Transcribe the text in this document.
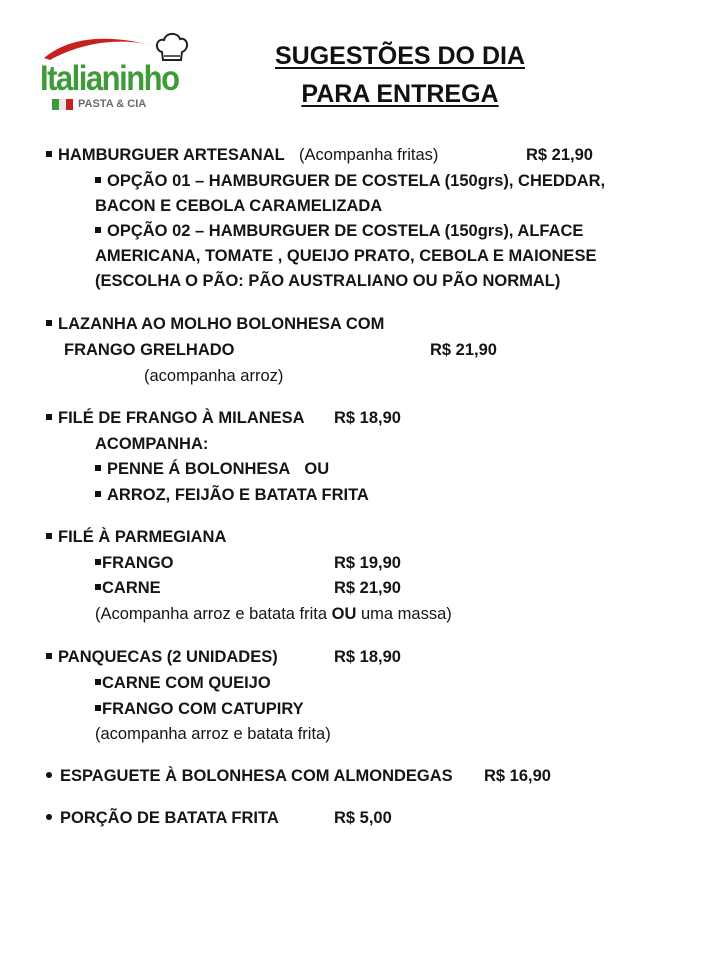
Italianinho
PASTA & CIA
SUGESTÕES DO DIA
PARA ENTREGA
HAMBURGUER ARTESANAL (Acompanha fritas)	R$ 21,90
OPÇÃO 01 – HAMBURGUER DE COSTELA (150grs), CHEDDAR,
BACON E CEBOLA CARAMELIZADA
OPÇÃO 02 – HAMBURGUER DE COSTELA (150grs), ALFACE
AMERICANA, TOMATE , QUEIJO PRATO, CEBOLA E MAIONESE
(ESCOLHA O PÃO: PÃO AUSTRALIANO OU PÃO NORMAL)
LAZANHA AO MOLHO BOLONHESA COM
FRANGO GRELHADO	R$ 21,90
(acompanha arroz)
FILÉ DE FRANGO À MILANESA R$ 18,90
ACOMPANHA:
PENNE Á BOLONHESA OU
ARROZ, FEIJÃO E BATATA FRITA
FILÉ À PARMEGIANA
FRANGO	R$ 19,90
CARNE	R$ 21,90
(Acompanha arroz e batata frita OU uma massa)
PANQUECAS (2 UNIDADES)	R$ 18,90
CARNE COM QUEIJO
FRANGO COM CATUPIRY
(acompanha arroz e batata frita)
ESPAGUETE À BOLONHESA COM ALMONDEGAS R$ 16,90
PORÇÃO DE BATATA FRITA	R$ 5,00
